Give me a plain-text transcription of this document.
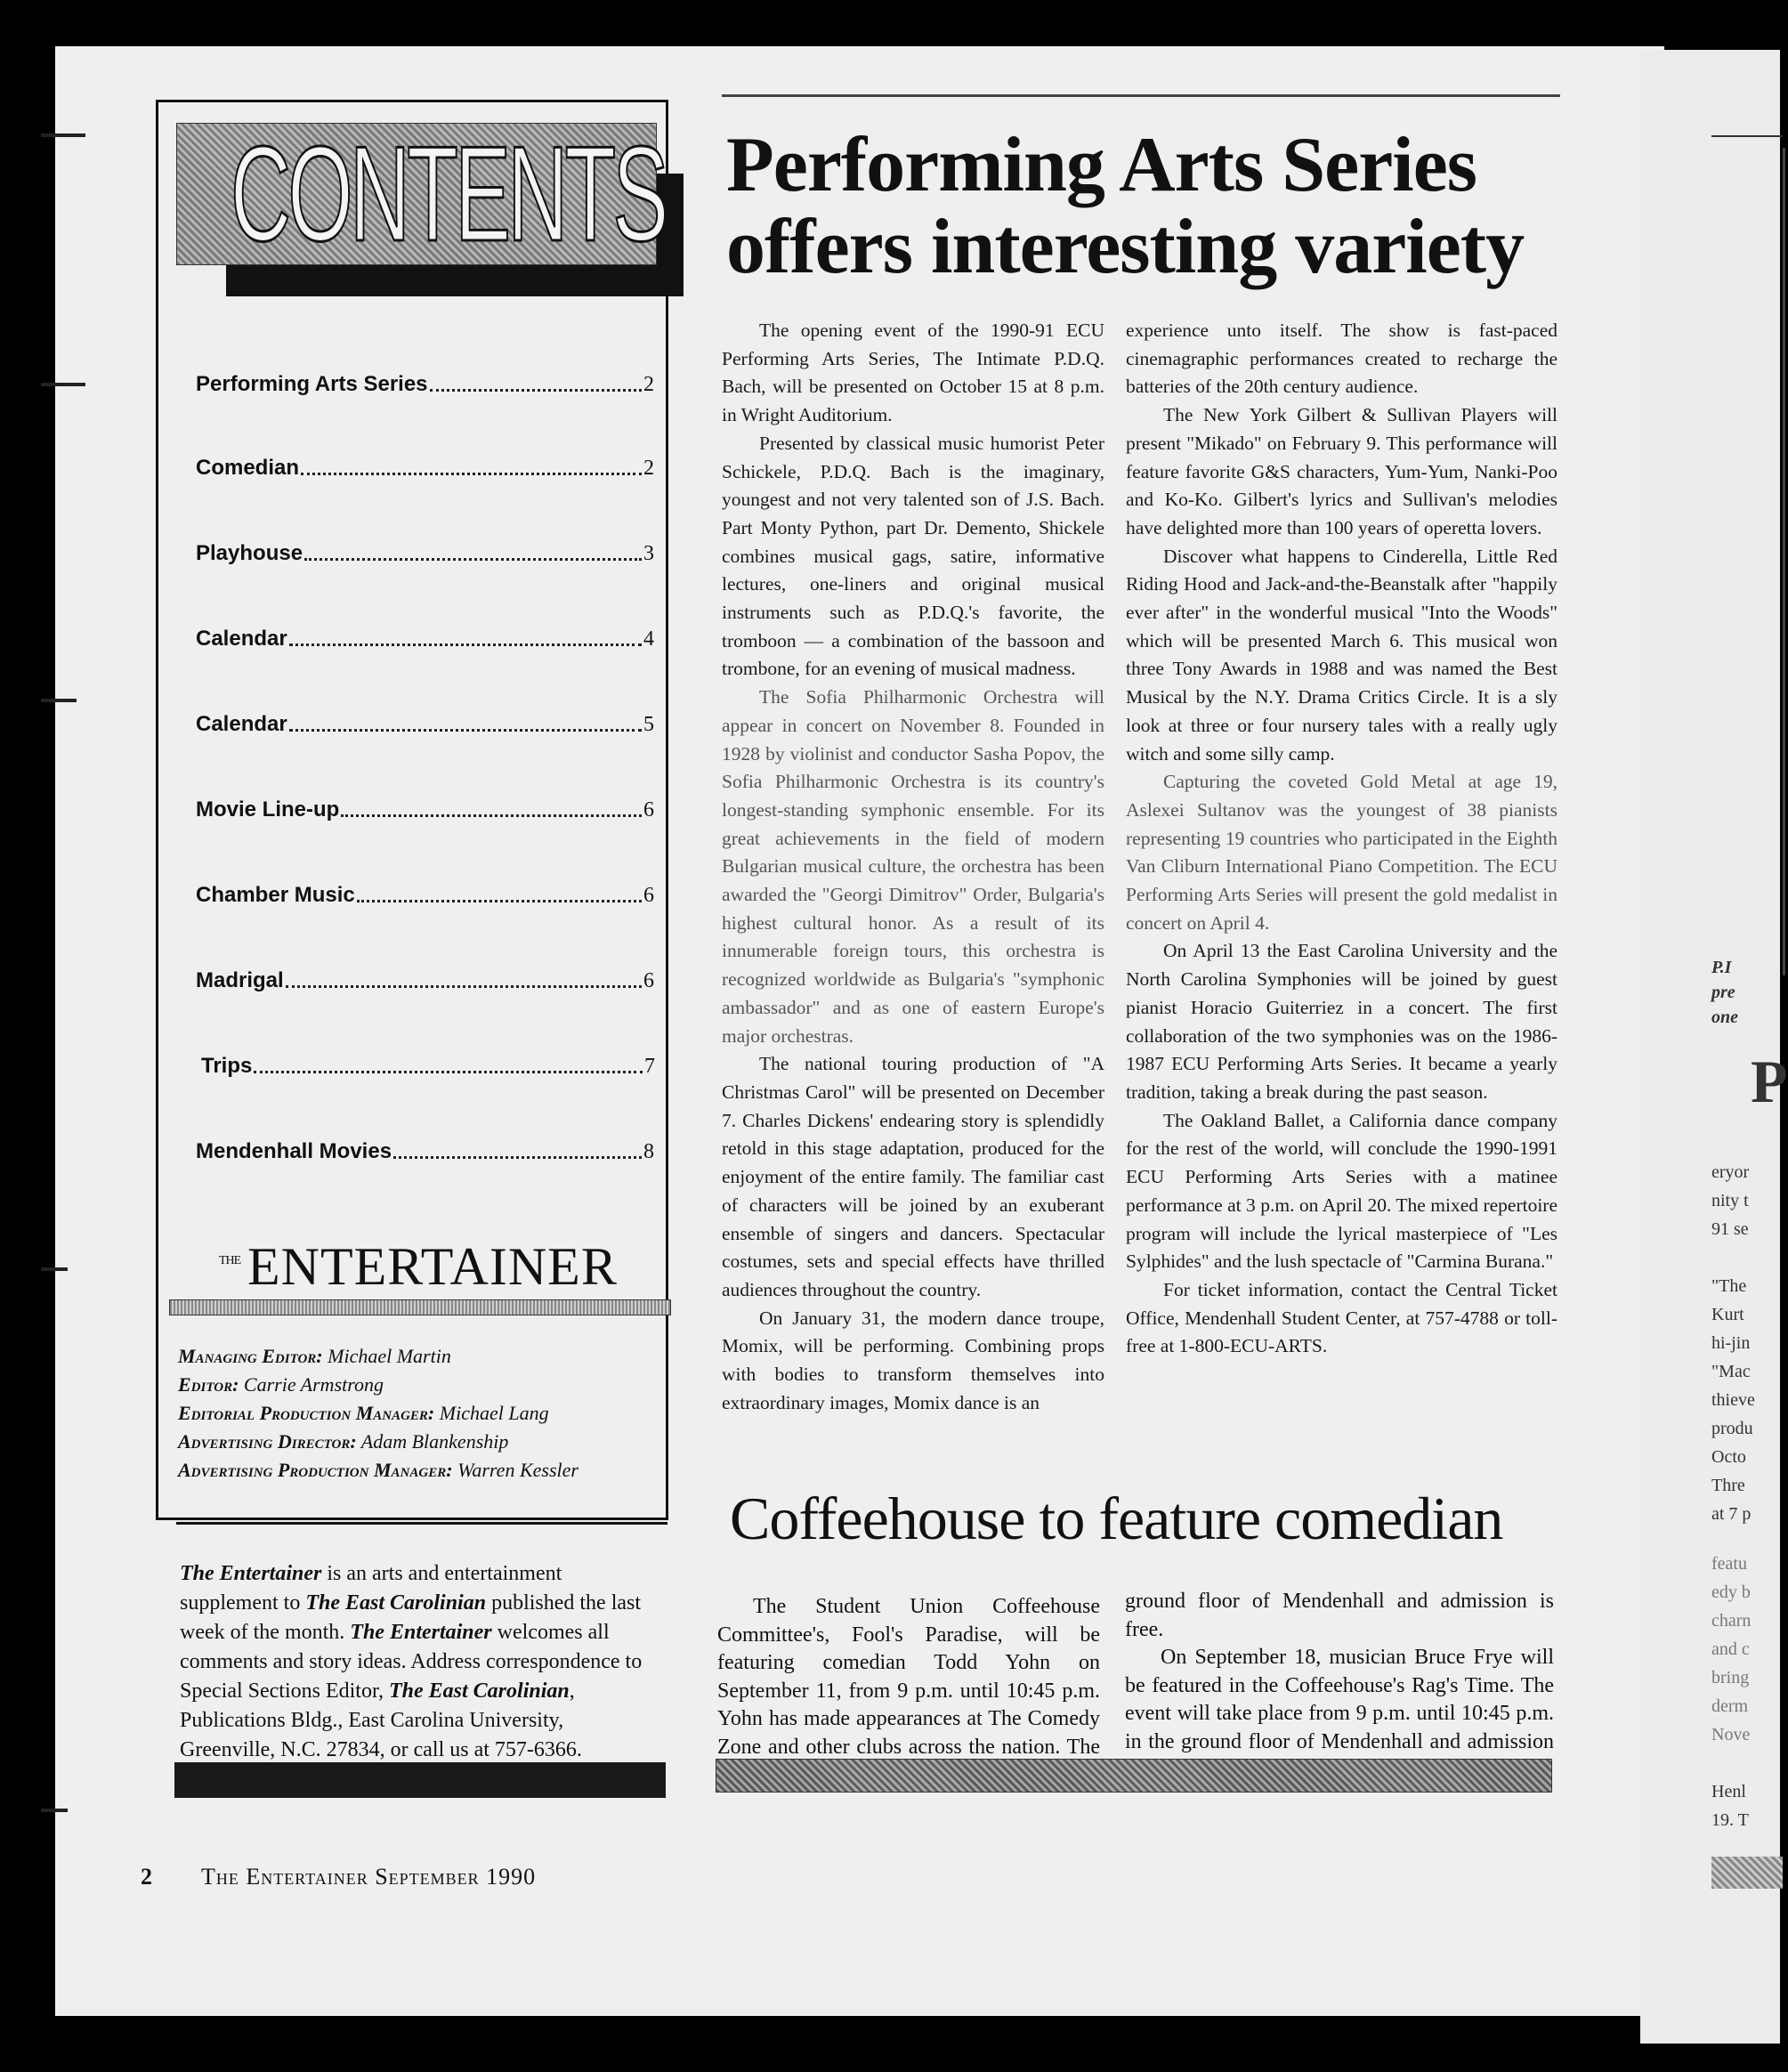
CONTENTS
Performing Arts Series	2
Comedian	2
Playhouse	3
Calendar	4
Calendar	5
Movie Line-up	6
Chamber Music	6
Madrigal	6
Trips	7
Mendenhall Movies	8
THE ENTERTAINER
Managing Editor: Michael Martin
Editor: Carrie Armstrong
Editorial Production Manager: Michael Lang
Advertising Director: Adam Blankenship
Advertising Production Manager: Warren Kessler
The Entertainer is an arts and entertainment supplement to The East Carolinian published the last week of the month. The Entertainer welcomes all comments and story ideas. Address correspondence to Special Sections Editor, The East Carolinian, Publications Bldg., East Carolina University, Greenville, N.C. 27834, or call us at 757-6366.
2 The Entertainer September 1990
Performing Arts Series offers interesting variety

The opening event of the 1990-91 ECU Performing Arts Series, The Intimate P.D.Q. Bach, will be presented on October 15 at 8 p.m. in Wright Auditorium.

Presented by classical music humorist Peter Schickele, P.D.Q. Bach is the imaginary, youngest and not very talented son of J.S. Bach. Part Monty Python, part Dr. Demento, Shickele combines musical gags, satire, informative lectures, one-liners and original musical instruments such as P.D.Q.'s favorite, the tromboon — a combination of the bassoon and trombone, for an evening of musical madness.

The Sofia Philharmonic Orchestra will appear in concert on November 8. Founded in 1928 by violinist and conductor Sasha Popov, the Sofia Philharmonic Orchestra is its country's longest-standing symphonic ensemble. For its great achievements in the field of modern Bulgarian musical culture, the orchestra has been awarded the "Georgi Dimitrov" Order, Bulgaria's highest cultural honor. As a result of its innumerable foreign tours, this orchestra is recognized worldwide as Bulgaria's "symphonic ambassador" and as one of eastern Europe's major orchestras.

The national touring production of "A Christmas Carol" will be presented on December 7. Charles Dickens' endearing story is splendidly retold in this stage adaptation, produced for the enjoyment of the entire family. The familiar cast of characters will be joined by an exuberant ensemble of singers and dancers. Spectacular costumes, sets and special effects have thrilled audiences throughout the country.

On January 31, the modern dance troupe, Momix, will be performing. Combining props with bodies to transform themselves into extraordinary images, Momix dance is an

experience unto itself. The show is fast-paced cinemagraphic performances created to recharge the batteries of the 20th century audience.

The New York Gilbert & Sullivan Players will present "Mikado" on February 9. This performance will feature favorite G&S characters, Yum-Yum, Nanki-Poo and Ko-Ko. Gilbert's lyrics and Sullivan's melodies have delighted more than 100 years of operetta lovers.

Discover what happens to Cinderella, Little Red Riding Hood and Jack-and-the-Beanstalk after "happily ever after" in the wonderful musical "Into the Woods" which will be presented March 6. This musical won three Tony Awards in 1988 and was named the Best Musical by the N.Y. Drama Critics Circle. It is a sly look at three or four nursery tales with a really ugly witch and some silly camp.

Capturing the coveted Gold Metal at age 19, Aslexei Sultanov was the youngest of 38 pianists representing 19 countries who participated in the Eighth Van Cliburn International Piano Competition. The ECU Performing Arts Series will present the gold medalist in concert on April 4.

On April 13 the East Carolina University and the North Carolina Symphonies will be joined by guest pianist Horacio Guiterriez in a concert. The first collaboration of the two symphonies was on the 1986-1987 ECU Performing Arts Series. It became a yearly tradition, taking a break during the past season.

The Oakland Ballet, a California dance company for the rest of the world, will conclude the 1990-1991 ECU Performing Arts Series with a matinee performance at 3 p.m. on April 20. The mixed repertoire program will include the lyrical masterpiece of "Les Sylphides" and the lush spectacle of "Carmina Burana."

For ticket information, contact the Central Ticket Office, Mendenhall Student Center, at 757-4788 or toll-free at 1-800-ECU-ARTS.

Coffeehouse to feature comedian

The Student Union Coffeehouse Committee's, Fool's Paradise, will be featuring comedian Todd Yohn on September 11, from 9 p.m. until 10:45 p.m. Yohn has made appearances at The Comedy Zone and other clubs across the nation. The

ground floor of Mendenhall and admission is free.

On September 18, musician Bruce Frye will be featured in the Coffeehouse's Rag's Time. The event will take place from 9 p.m. until 10:45 p.m. in the ground floor of Mendenhall and admission

P.I
pre
one
P
eryor
nity t
91 se
"The
Kurt
hi-jin
"Mac
thieve
produ
Octo
Thre
at 7 p
featu
edy b
charn
and c
bring
derm
Nove
Henl
19. T
